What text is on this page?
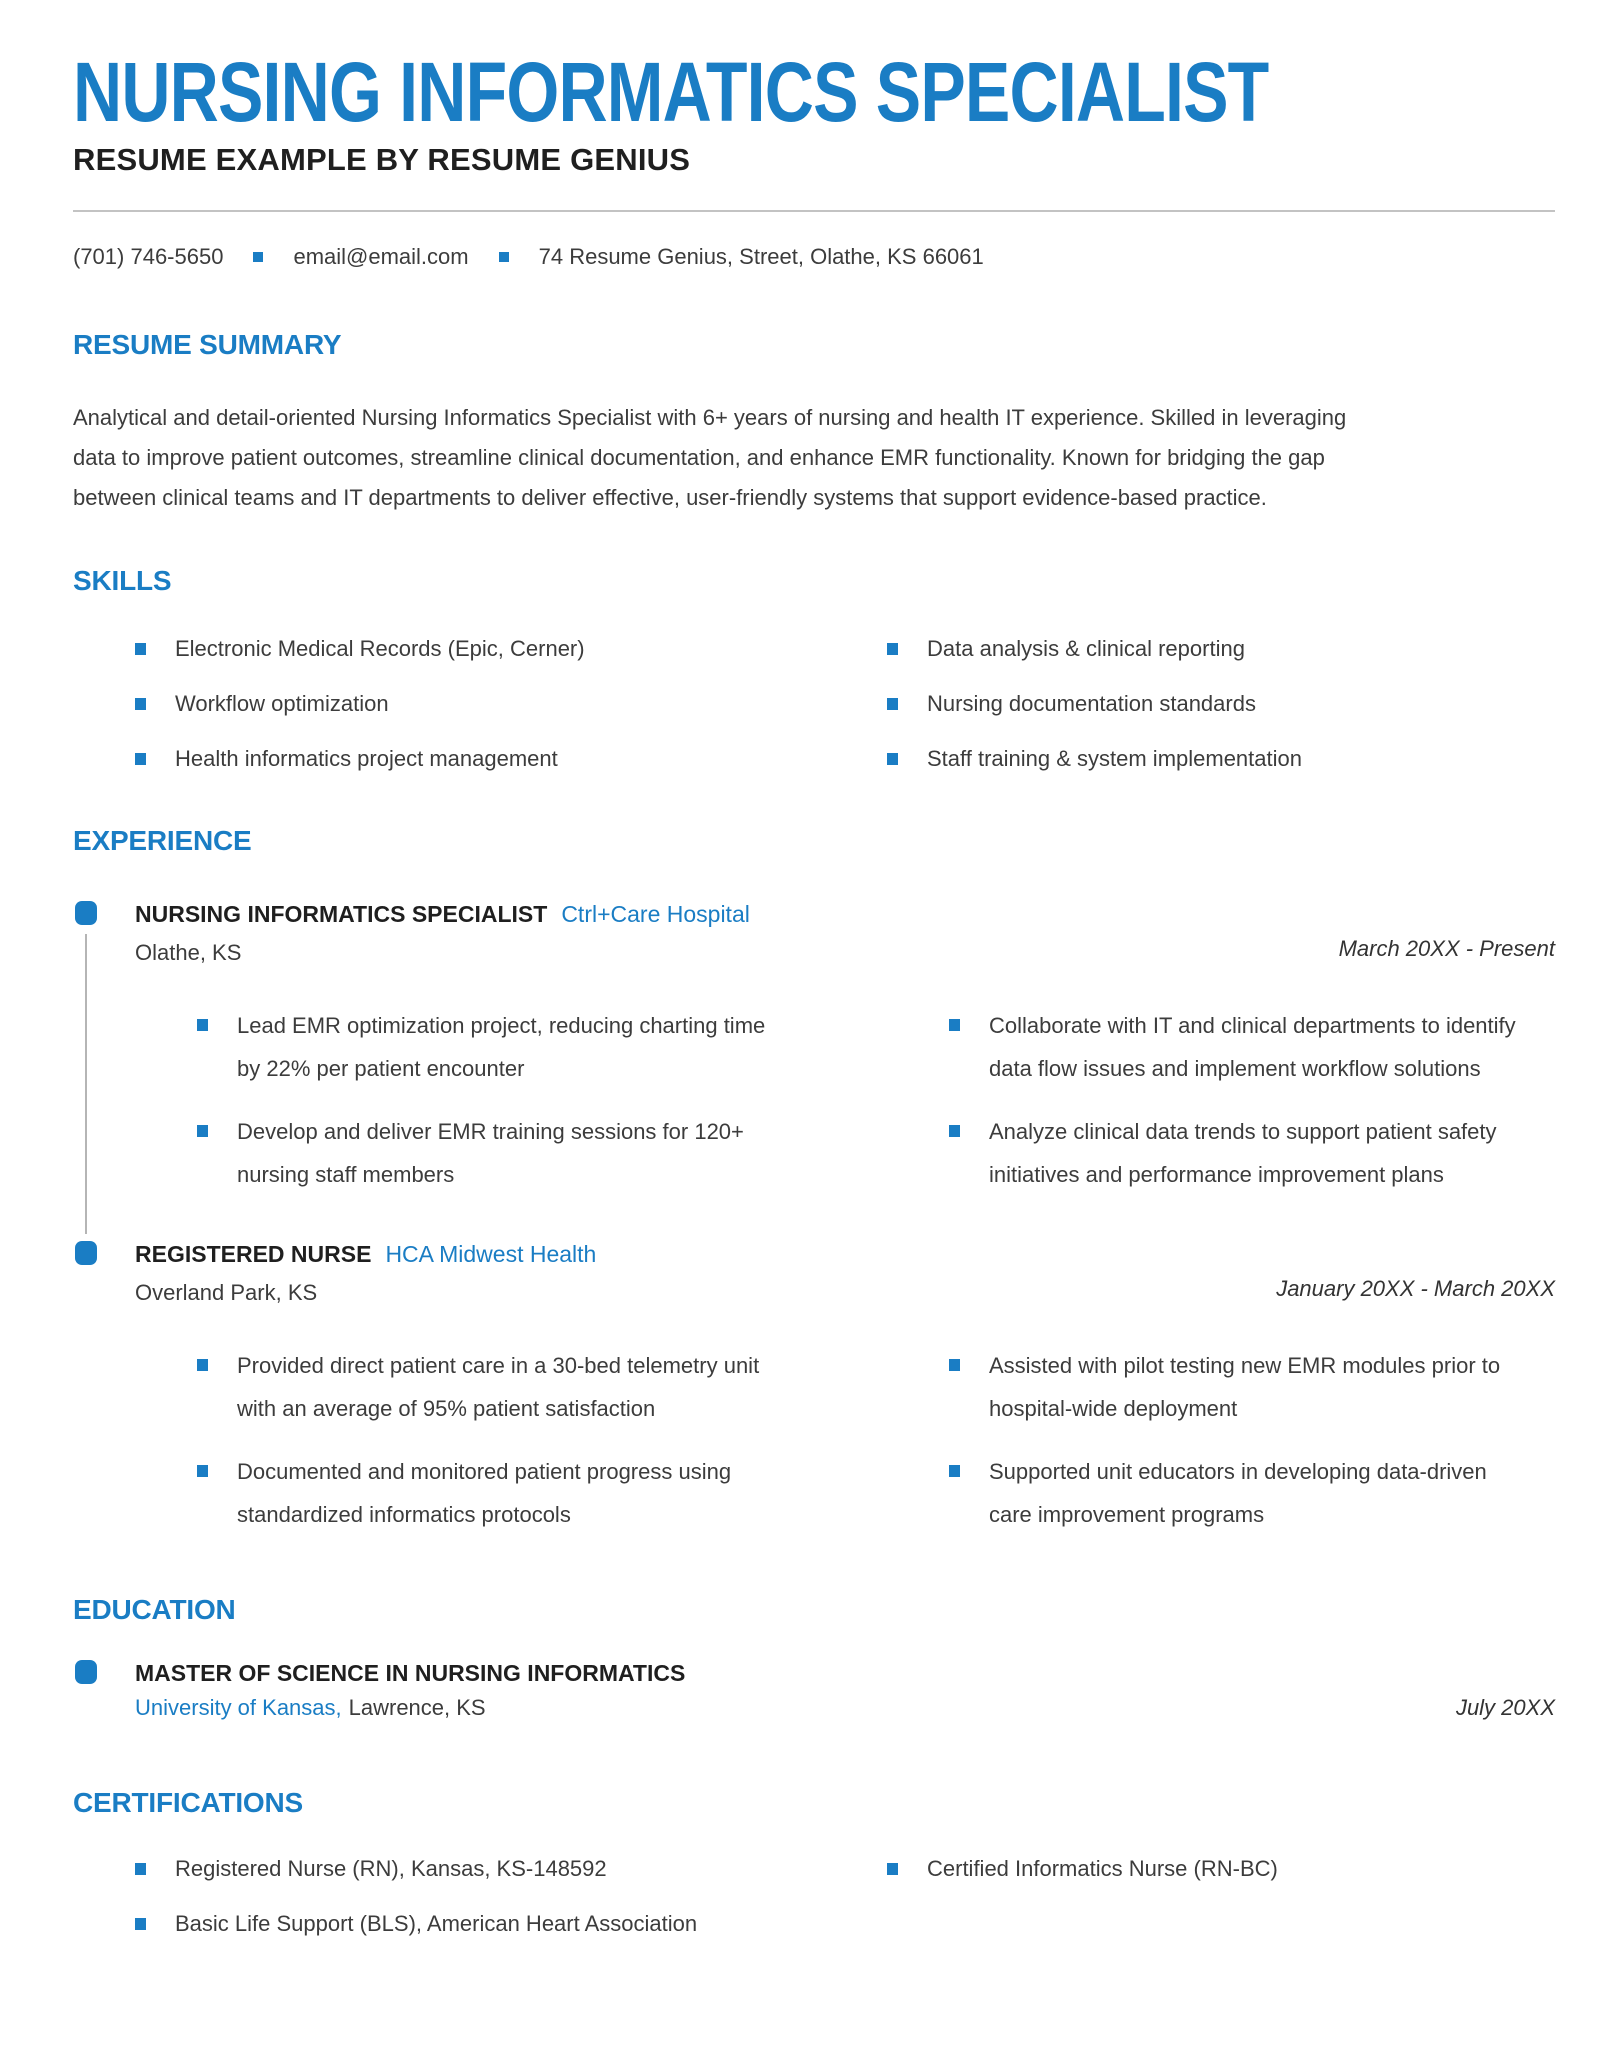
NURSING INFORMATICS SPECIALIST
RESUME EXAMPLE BY RESUME GENIUS
(701) 746-5650	email@email.com	74 Resume Genius, Street, Olathe, KS 66061
RESUME SUMMARY

Analytical and detail-oriented Nursing Informatics Specialist with 6+ years of nursing and health IT experience. Skilled in leveraging data to improve patient outcomes, streamline clinical documentation, and enhance EMR functionality. Known for bridging the gap between clinical teams and IT departments to deliver effective, user-friendly systems that support evidence-based practice.

SKILLS
Electronic Medical Records (Epic, Cerner)
Workflow optimization
Health informatics project management
Data analysis & clinical reporting
Nursing documentation standards
Staff training & system implementation
EXPERIENCE
NURSING INFORMATICS SPECIALIST Ctrl+Care Hospital
Olathe, KS	March 20XX - Present
Lead EMR optimization project, reducing charting time by 22% per patient encounter
Develop and deliver EMR training sessions for 120+ nursing staff members
Collaborate with IT and clinical departments to identify data flow issues and implement workflow solutions
Analyze clinical data trends to support patient safety initiatives and performance improvement plans
REGISTERED NURSE HCA Midwest Health
Overland Park, KS	January 20XX - March 20XX
Provided direct patient care in a 30-bed telemetry unit with an average of 95% patient satisfaction
Documented and monitored patient progress using standardized informatics protocols
Assisted with pilot testing new EMR modules prior to hospital-wide deployment
Supported unit educators in developing data-driven care improvement programs
EDUCATION
MASTER OF SCIENCE IN NURSING INFORMATICS
University of Kansas, Lawrence, KS	July 20XX
CERTIFICATIONS
Registered Nurse (RN), Kansas, KS-148592
Basic Life Support (BLS), American Heart Association
Certified Informatics Nurse (RN-BC)
